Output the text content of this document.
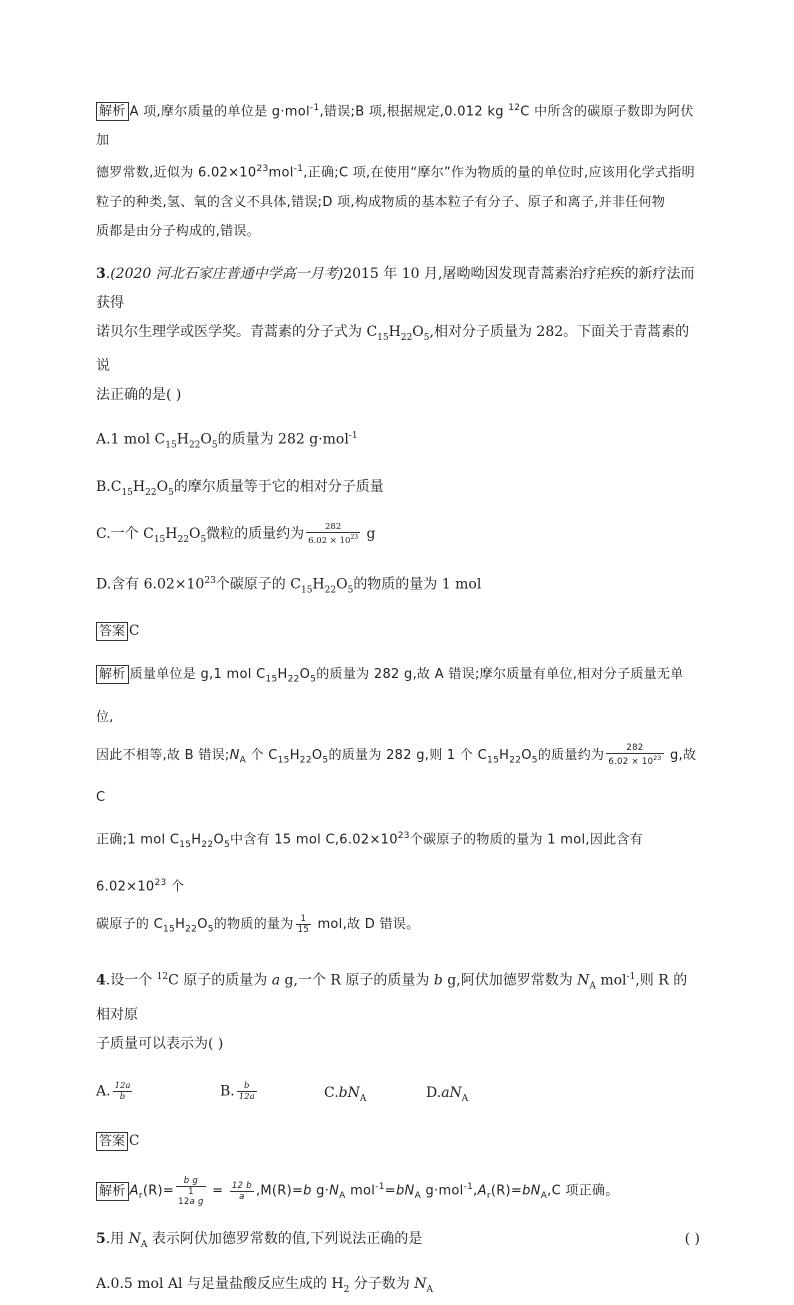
解析 A 项,摩尔质量的单位是 g·mol$^{-1}$,错误;B 项,根据规定,0.012 kg $^{12}$C 中所含的碳原子数即为阿伏加
德罗常数,近似为 $6.02\times 10^{23}mol^{-1}$,正确;C 项,在使用“摩尔”作为物质的量的单位时,应该用化学式指明
粒子的种类,氢、氧的含义不具体,错误;D 项,构成物质的基本粒子有分子、原子和离子,并非任何物
质都是由分子构成的,错误。

3.(2020 河北石家庄普通中学高一月考)2015 年 10 月,屠呦呦因发现青蒿素治疗疟疾的新疗法而获得
诺贝尔生理学或医学奖。青蒿素的分子式为 $C_{15}H_{22}O_5$,相对分子质量为 282。下面关于青蒿素的说
法正确的是( )

A.1 mol $C_{15}H_{22}O_5$的质量为 282 g·mol$^{-1}$

$B.C_{15}H_{22}O_5$的摩尔质量等于它的相对分子质量

C.一个 $C_{15}H_{22}O_5$微粒的质量约为 $\frac{282}{6.02 \times 10^{23}}$ g

D.含有 $6.02\times 10^{23}$个碳原子的 $C_{15}H_{22}O_5$的物质的量为 1 mol

答案 C

解析 质量单位是 g,1 mol $C_{15}H_{22}O_5$的质量为 282 g,故 A 错误;摩尔质量有单位,相对分子质量无单位,
因此不相等,故 B 错误$;N_A$ 个 $C_{15}H_{22}O_5$的质量为 282 g,则 1 个 $C_{15}H_{22}O_5$的质量约为 $\frac{282}{6.02 \times 10^{23}} g$,故 C
正确;1 mol $C_{15}H_{22}O_5$中含有 15 mol $C,6.02\times 10^{23}$个碳原子的物质的量为 1 mol,因此含有 $6.02\times 10^{23}$ 个
碳原子的 $C_{15}H_{22}O_5$的物质的量为 $\frac{1}{15}$ mol,故 D 错误。

4.设一个 $^{12}$C 原子的质量为 a g,一个 R 原子的质量为 b g,阿伏加德罗常数为 $N_A$ mol$^{-1}$,则 R 的相对原
子质量可以表示为( )

A. $\frac{12a}{b}$	B. $\frac{b}{12a}$	$C.bN_A$	$D.aN_A$

答案 C

解析 $A_r(R)= b$ g
1
12a $g = \frac{12 b}{a} ,M(R)=b$ $g\cdot N_A$ $mol^{-1}=bN_A$ $g\cdot mol^{-1},A_r(R)=bN_A,C$ 项正确。

5.用 $N_A$ 表示阿伏加德罗常数的值,下列说法正确的是	( )

A.0.5 mol Al 与足量盐酸反应生成的 $H_2$ 分子数为 $N_A$
